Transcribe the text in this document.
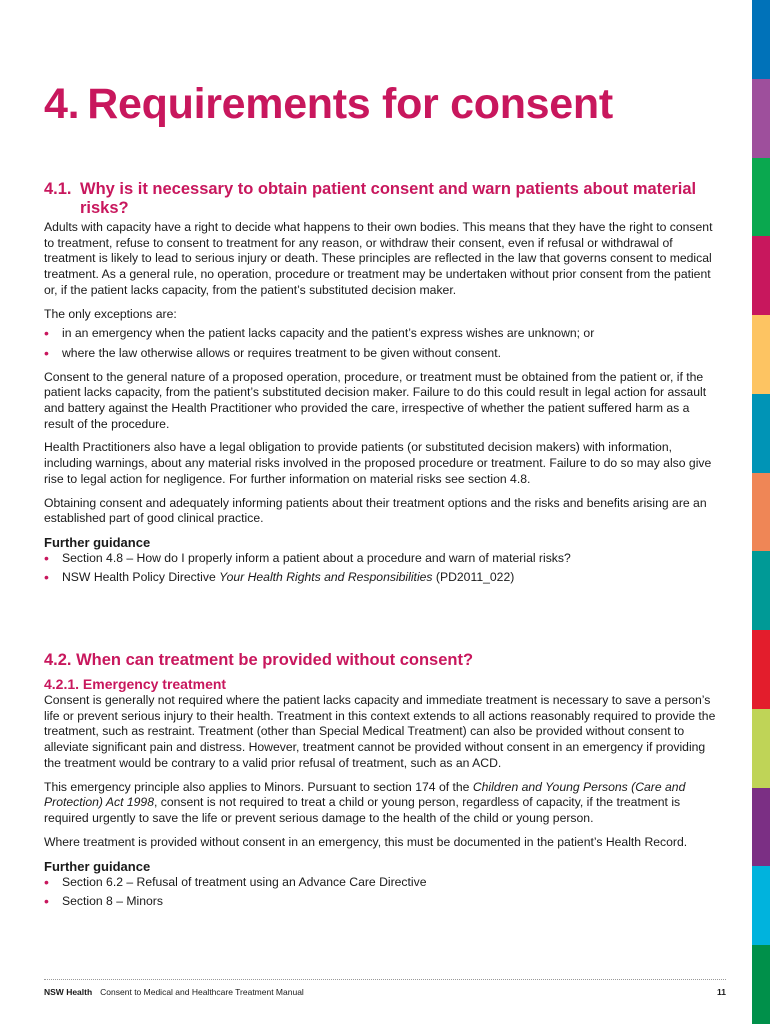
4. Requirements for consent
4.1. Why is it necessary to obtain patient consent and warn patients about material risks?

Adults with capacity have a right to decide what happens to their own bodies. This means that they have the right to consent to treatment, refuse to consent to treatment for any reason, or withdraw their consent, even if refusal or withdrawal of treatment is likely to lead to serious injury or death. These principles are reflected in the law that governs consent to medical treatment. As a general rule, no operation, procedure or treatment may be undertaken without prior consent from the patient or, if the patient lacks capacity, from the patient’s substituted decision maker.

The only exceptions are:

• in an emergency when the patient lacks capacity and the patient’s express wishes are unknown; or
• where the law otherwise allows or requires treatment to be given without consent.

Consent to the general nature of a proposed operation, procedure, or treatment must be obtained from the patient or, if the patient lacks capacity, from the patient’s substituted decision maker. Failure to do this could result in legal action for assault and battery against the Health Practitioner who provided the care, irrespective of whether the patient suffered harm as a result of the procedure.

Health Practitioners also have a legal obligation to provide patients (or substituted decision makers) with information, including warnings, about any material risks involved in the proposed procedure or treatment. Failure to do so may also give rise to legal action for negligence. For further information on material risks see section 4.8.

Obtaining consent and adequately informing patients about their treatment options and the risks and benefits arising are an established part of good clinical practice.

Further guidance
• Section 4.8 – How do I properly inform a patient about a procedure and warn of material risks?
• NSW Health Policy Directive Your Health Rights and Responsibilities (PD2011_022)
4.2. When can treatment be provided without consent?
4.2.1. Emergency treatment

Consent is generally not required where the patient lacks capacity and immediate treatment is necessary to save a person’s life or prevent serious injury to their health. Treatment in this context extends to all actions reasonably required to provide the treatment, such as restraint. Treatment (other than Special Medical Treatment) can also be provided without consent to alleviate significant pain and distress. However, treatment cannot be provided without consent in an emergency if providing the treatment would be contrary to a valid prior refusal of treatment, such as an ACD.

This emergency principle also applies to Minors. Pursuant to section 174 of the Children and Young Persons (Care and Protection) Act 1998, consent is not required to treat a child or young person, regardless of capacity, if the treatment is required urgently to save the life or prevent serious damage to the health of the child or young person.

Where treatment is provided without consent in an emergency, this must be documented in the patient’s Health Record.

Further guidance
• Section 6.2 – Refusal of treatment using an Advance Care Directive
• Section 8 – Minors
NSW Health Consent to Medical and Healthcare Treatment Manual	11
